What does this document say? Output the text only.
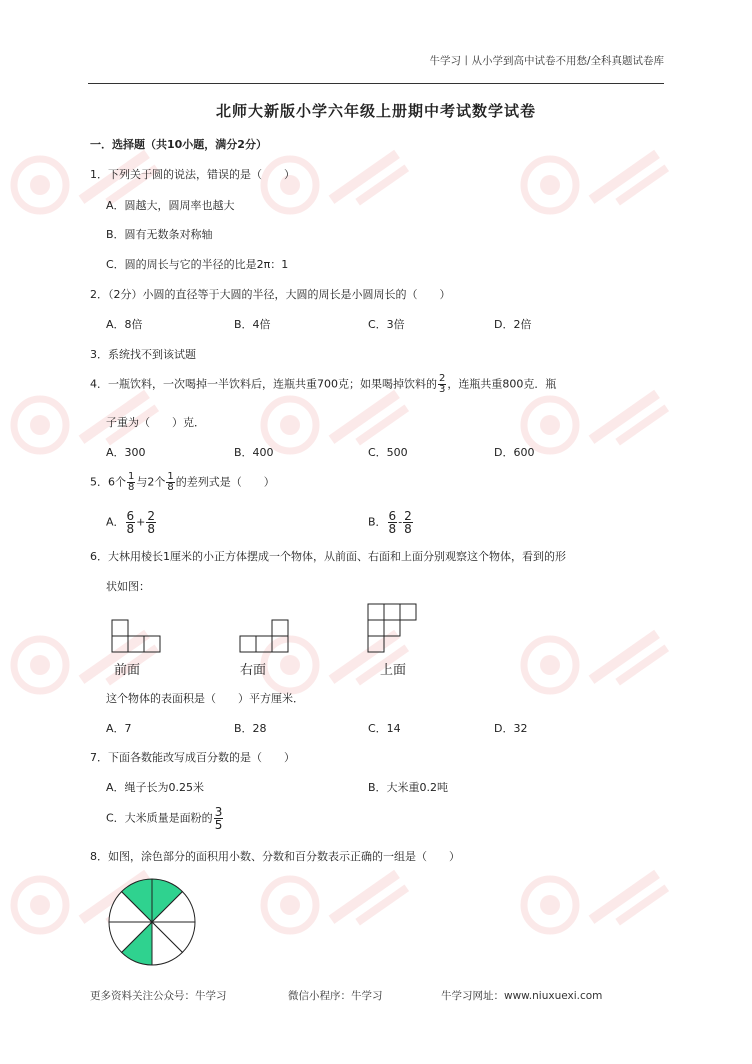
牛学习丨从小学到高中试卷不用愁/全科真题试卷库
北师大新版小学六年级上册期中考试数学试卷
一．选择题（共10小题，满分2分）
1．下列关于圆的说法，错误的是（　　）
A．圆越大，圆周率也越大
B．圆有无数条对称轴
C．圆的周长与它的半径的比是2π：1
2．（2分）小圆的直径等于大圆的半径，大圆的周长是小圆周长的（　　）
A．8倍	B．4倍	C．3倍	D．2倍
3．系统找不到该试题
4．一瓶饮料，一次喝掉一半饮料后，连瓶共重700克；如果喝掉饮料的 $\frac{2}{3}$ ，连瓶共重800克．瓶
子重为（　　）克．
A．300	B．400	C．500	D．600
5．6个 $\frac{1}{8}$ 与2个 $\frac{1}{8}$ 的差列式是（　　）
A． $\frac{6}{8} + \frac{2}{8}$	B． $\frac{6}{8} - \frac{2}{8}$
6．大林用棱长1厘米的小正方体摆成一个物体，从前面、右面和上面分别观察这个物体，看到的形
状如图：
前面	右面	上面
这个物体的表面积是（　　）平方厘米．
A．7	B．28	C．14	D．32
7．下面各数能改写成百分数的是（　　）
A．绳子长为0.25米	B．大米重0.2吨
C．大米质量是面粉的 $\frac{3}{5}$
8．如图，涂色部分的面积用小数、分数和百分数表示正确的一组是（　　）
更多资料关注公众号：牛学习	微信小程序：牛学习	牛学习网址：www.niuxuexi.com
